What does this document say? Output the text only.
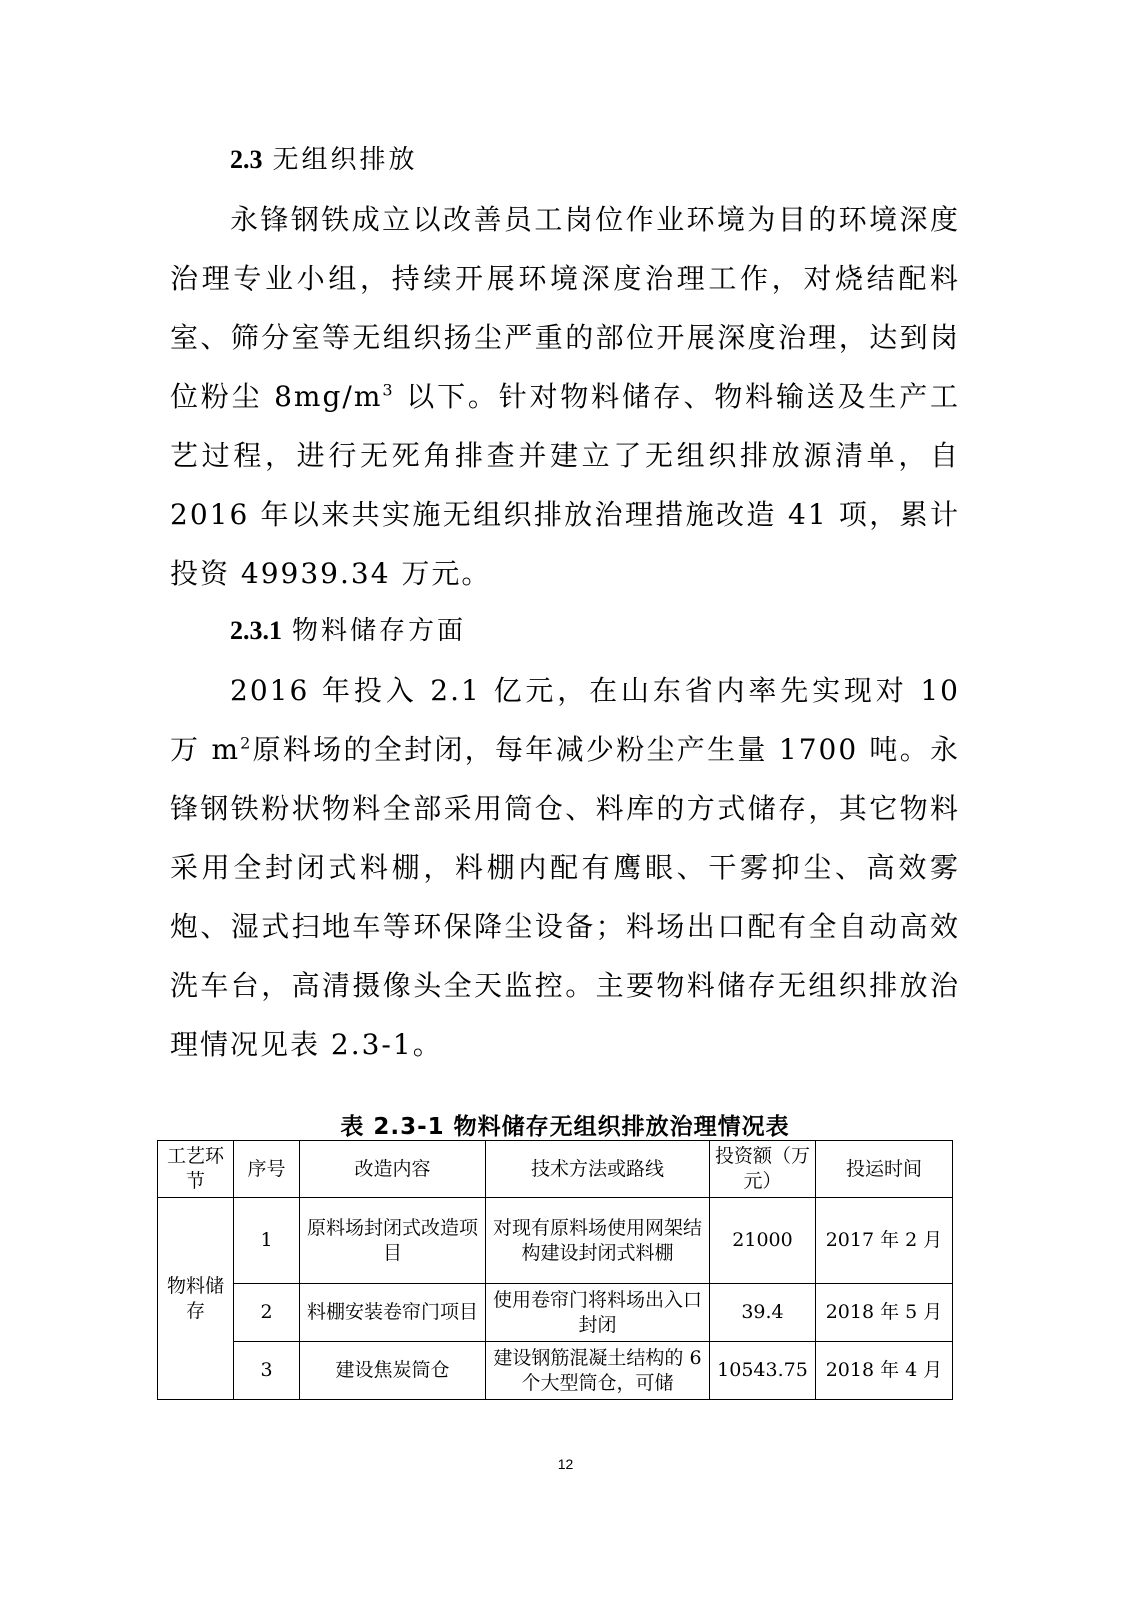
2.3 无组织排放

永锋钢铁成立以改善员工岗位作业环境为目的环境深度治理专业小组，持续开展环境深度治理工作，对烧结配料室、筛分室等无组织扬尘严重的部位开展深度治理，达到岗位粉尘 $8mg/m^3$ 以下。针对物料储存、物料输送及生产工艺过程，进行无死角排查并建立了无组织排放源清单，自 2016 年以来共实施无组织排放治理措施改造 41 项，累计投资 49939.34 万元。

2.3.1 物料储存方面

2016 年投入 2.1 亿元，在山东省内率先实现对 10 万 $m^2$原料场的全封闭，每年减少粉尘产生量 1700 吨。永锋钢铁粉状物料全部采用筒仓、料库的方式储存，其它物料采用全封闭式料棚，料棚内配有鹰眼、干雾抑尘、高效雾炮、湿式扫地车等环保降尘设备；料场出口配有全自动高效洗车台，高清摄像头全天监控。主要物料储存无组织排放治理情况见表 2.3-1。

表 2.3-1 物料储存无组织排放治理情况表
工艺环节	序号	改造内容	技术方法或路线	投资额（万元）	投运时间
物料储存	1	原料场封闭式改造项目	对现有原料场使用网架结构建设封闭式料棚	21000	2017 年 2 月
	2	料棚安装卷帘门项目	使用卷帘门将料场出入口封闭	39.4	2018 年 5 月
	3	建设焦炭筒仓	建设钢筋混凝土结构的 6 个大型筒仓，可储	10543.75	2018 年 4 月
12
